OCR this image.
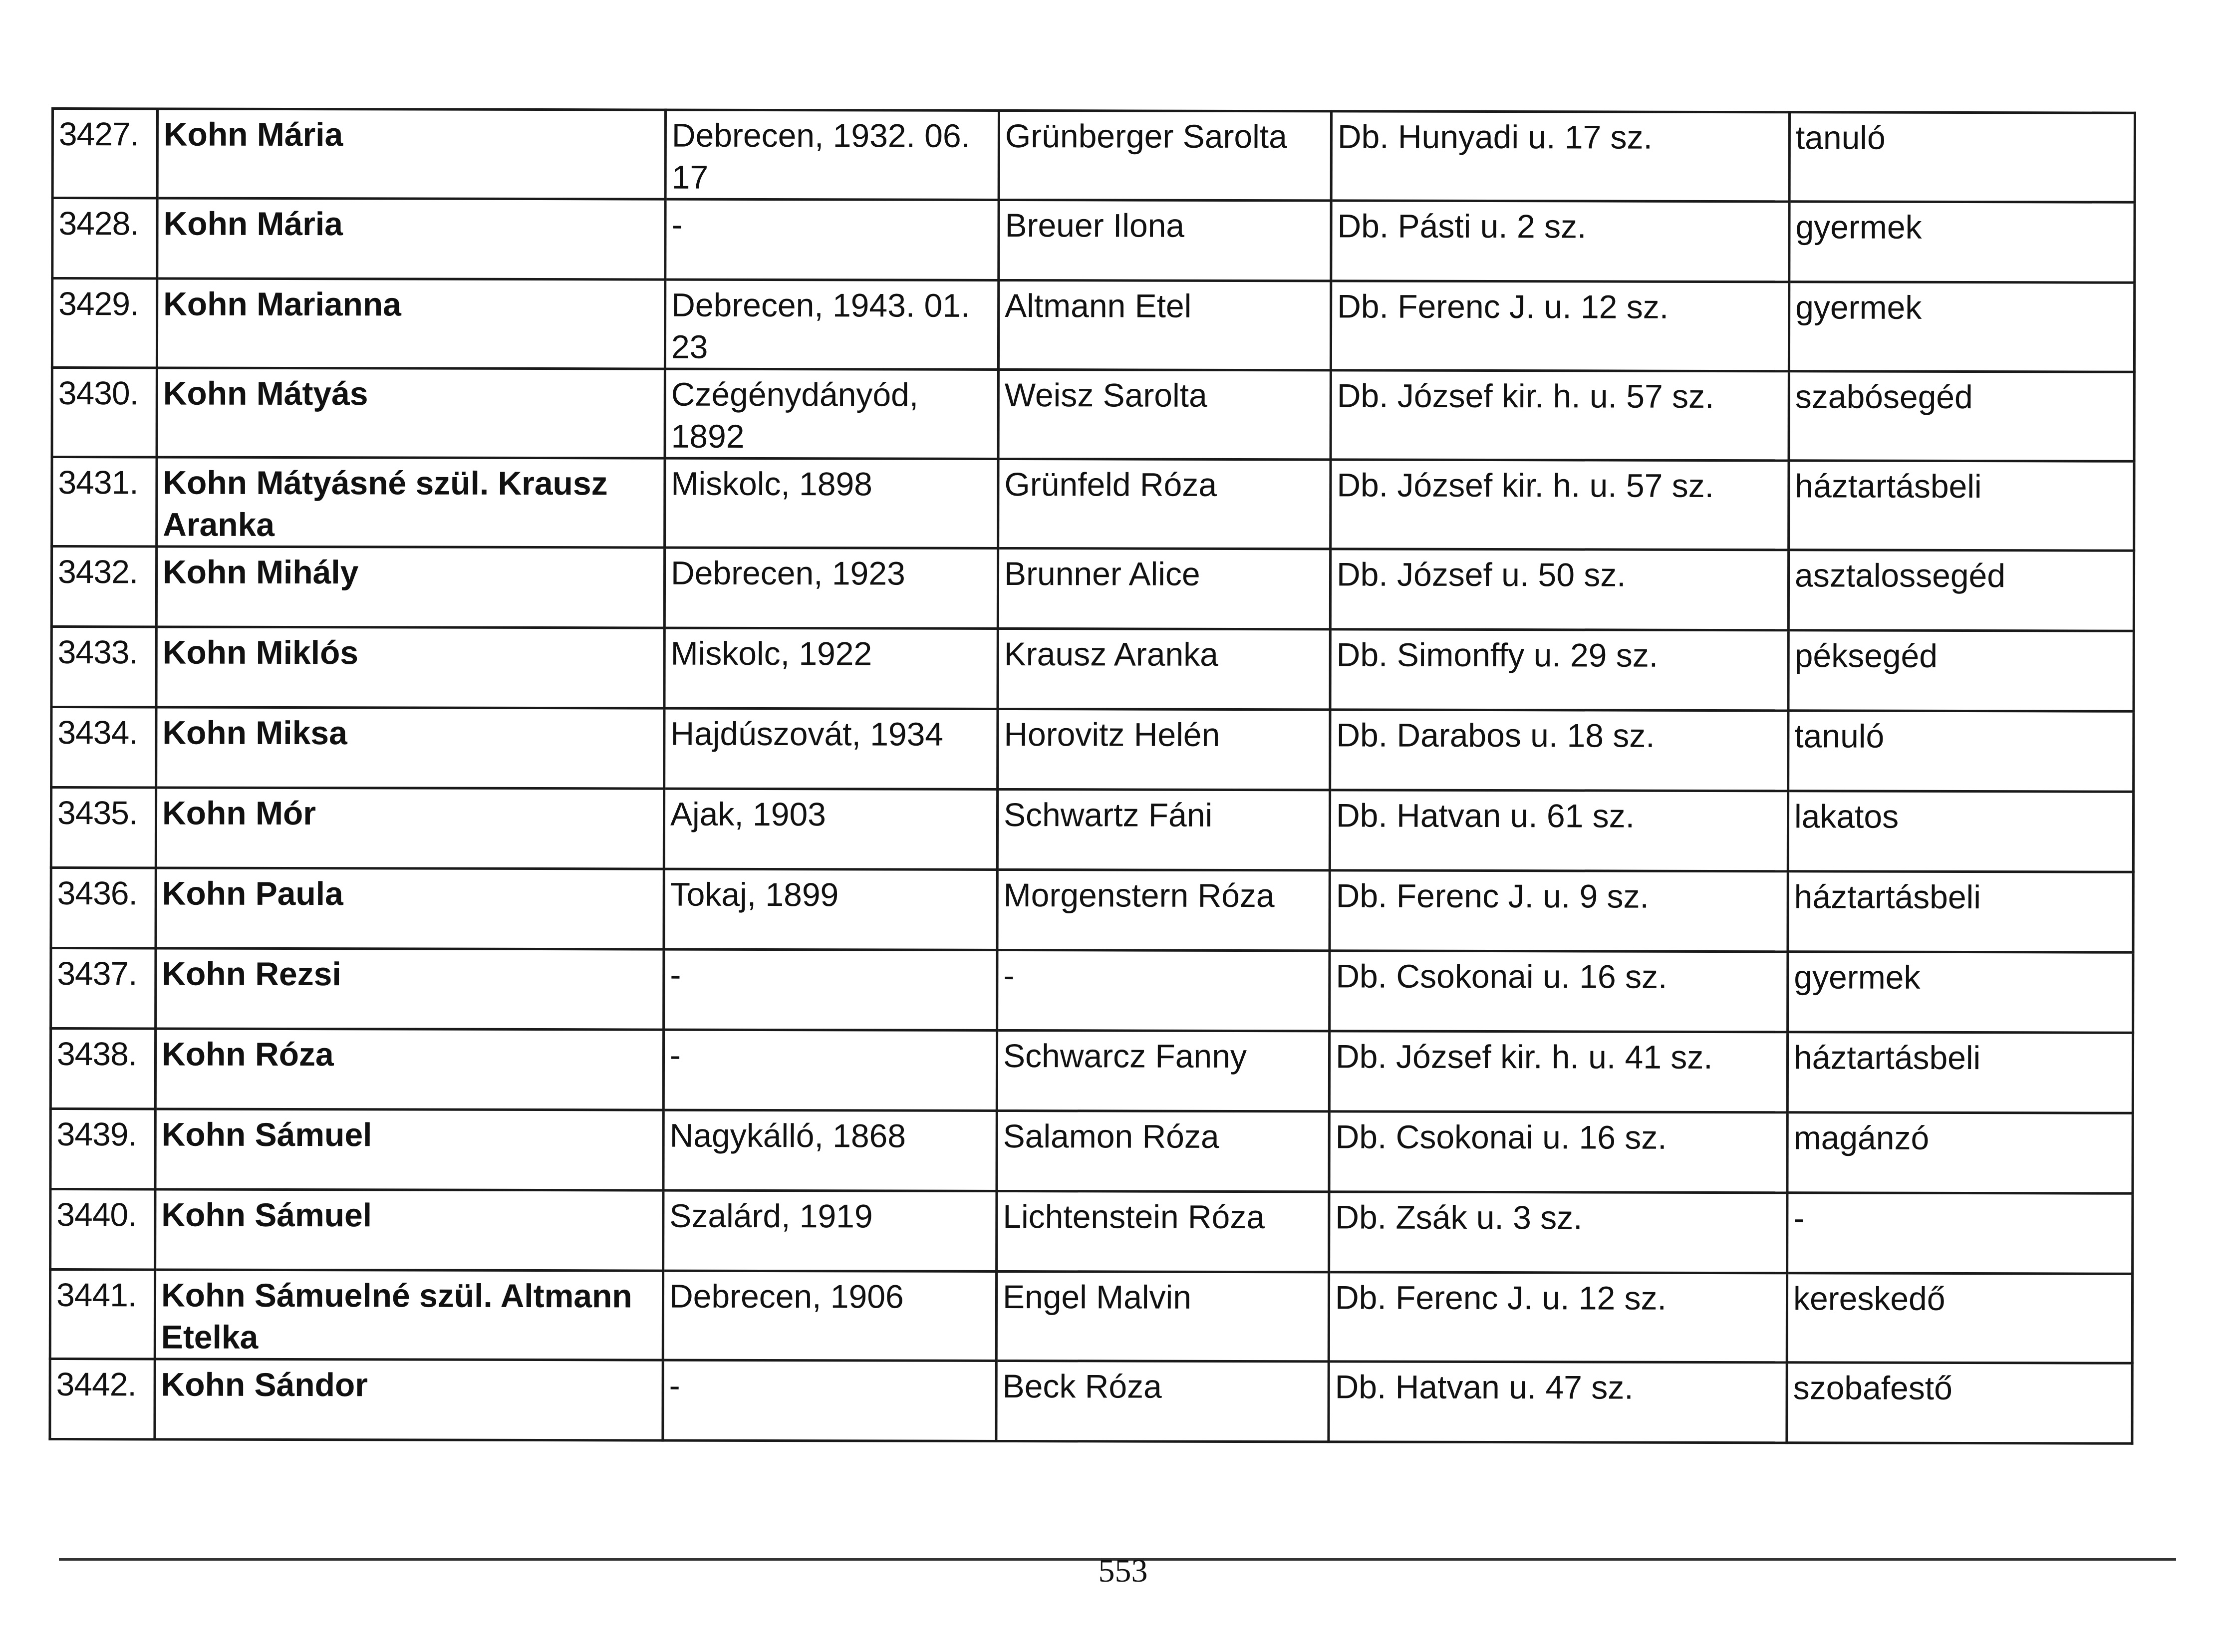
3427.	Kohn Mária	Debrecen, 1932. 06. 17	Grünberger Sarolta	Db. Hunyadi u. 17 sz.	tanuló
3428.	Kohn Mária	-	Breuer Ilona	Db. Pásti u. 2 sz.	gyermek
3429.	Kohn Marianna	Debrecen, 1943. 01. 23	Altmann Etel	Db. Ferenc J. u. 12 sz.	gyermek
3430.	Kohn Mátyás	Czégénydányód, 1892	Weisz Sarolta	Db. József kir. h. u. 57 sz.	szabósegéd
3431.	Kohn Mátyásné szül. Krausz Aranka	Miskolc, 1898	Grünfeld Róza	Db. József kir. h. u. 57 sz.	háztartásbeli
3432.	Kohn Mihály	Debrecen, 1923	Brunner Alice	Db. József u. 50 sz.	asztalossegéd
3433.	Kohn Miklós	Miskolc, 1922	Krausz Aranka	Db. Simonffy u. 29 sz.	péksegéd
3434.	Kohn Miksa	Hajdúszovát, 1934	Horovitz Helén	Db. Darabos u. 18 sz.	tanuló
3435.	Kohn Mór	Ajak, 1903	Schwartz Fáni	Db. Hatvan u. 61 sz.	lakatos
3436.	Kohn Paula	Tokaj, 1899	Morgenstern Róza	Db. Ferenc J. u. 9 sz.	háztartásbeli
3437.	Kohn Rezsi	-	-	Db. Csokonai u. 16 sz.	gyermek
3438.	Kohn Róza	-	Schwarcz Fanny	Db. József kir. h. u. 41 sz.	háztartásbeli
3439.	Kohn Sámuel	Nagykálló, 1868	Salamon Róza	Db. Csokonai u. 16 sz.	magánzó
3440.	Kohn Sámuel	Szalárd, 1919	Lichtenstein Róza	Db. Zsák u. 3 sz.	-
3441.	Kohn Sámuelné szül. Altmann Etelka	Debrecen, 1906	Engel Malvin	Db. Ferenc J. u. 12 sz.	kereskedő
3442.	Kohn Sándor	-	Beck Róza	Db. Hatvan u. 47 sz.	szobafestő
553
